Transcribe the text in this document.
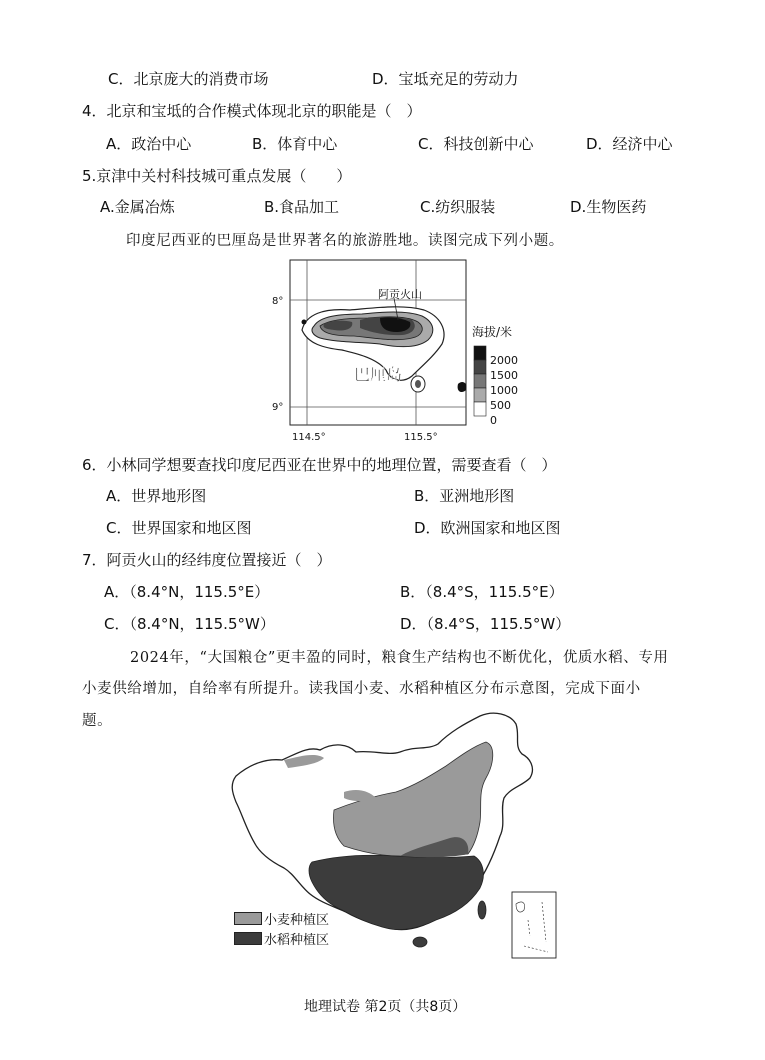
C．北京庞大的消费市场	D．宝坻充足的劳动力
4．北京和宝坻的合作模式体现北京的职能是（　）
A．政治中心	B．体育中心	C．科技创新中心	D．经济中心
5.京津中关村科技城可重点发展（　　）
A.金属冶炼	B.食品加工	C.纺织服装	D.生物医药
印度尼西亚的巴厘岛是世界著名的旅游胜地。读图完成下列小题。
阿贡火山
巴厘岛
8°
9°
114.5°	115.5°
海拔/米
2000
1500
1000
500
0
6．小林同学想要查找印度尼西亚在世界中的地理位置，需要查看（　）
A．世界地形图	B．亚洲地形图
C．世界国家和地区图	D．欧洲国家和地区图
7．阿贡火山的经纬度位置接近（　）
A．（8.4°N，115.5°E）	B．（8.4°S，115.5°E）
C．（8.4°N，115.5°W）	D．（8.4°S，115.5°W）
2024年，“大国粮仓”更丰盈的同时，粮食生产结构也不断优化，优质水稻、专用
小麦供给增加，自给率有所提升。读我国小麦、水稻种植区分布示意图，完成下面小
题。
小麦种植区
水稻种植区
地理试卷 第2页（共8页）
